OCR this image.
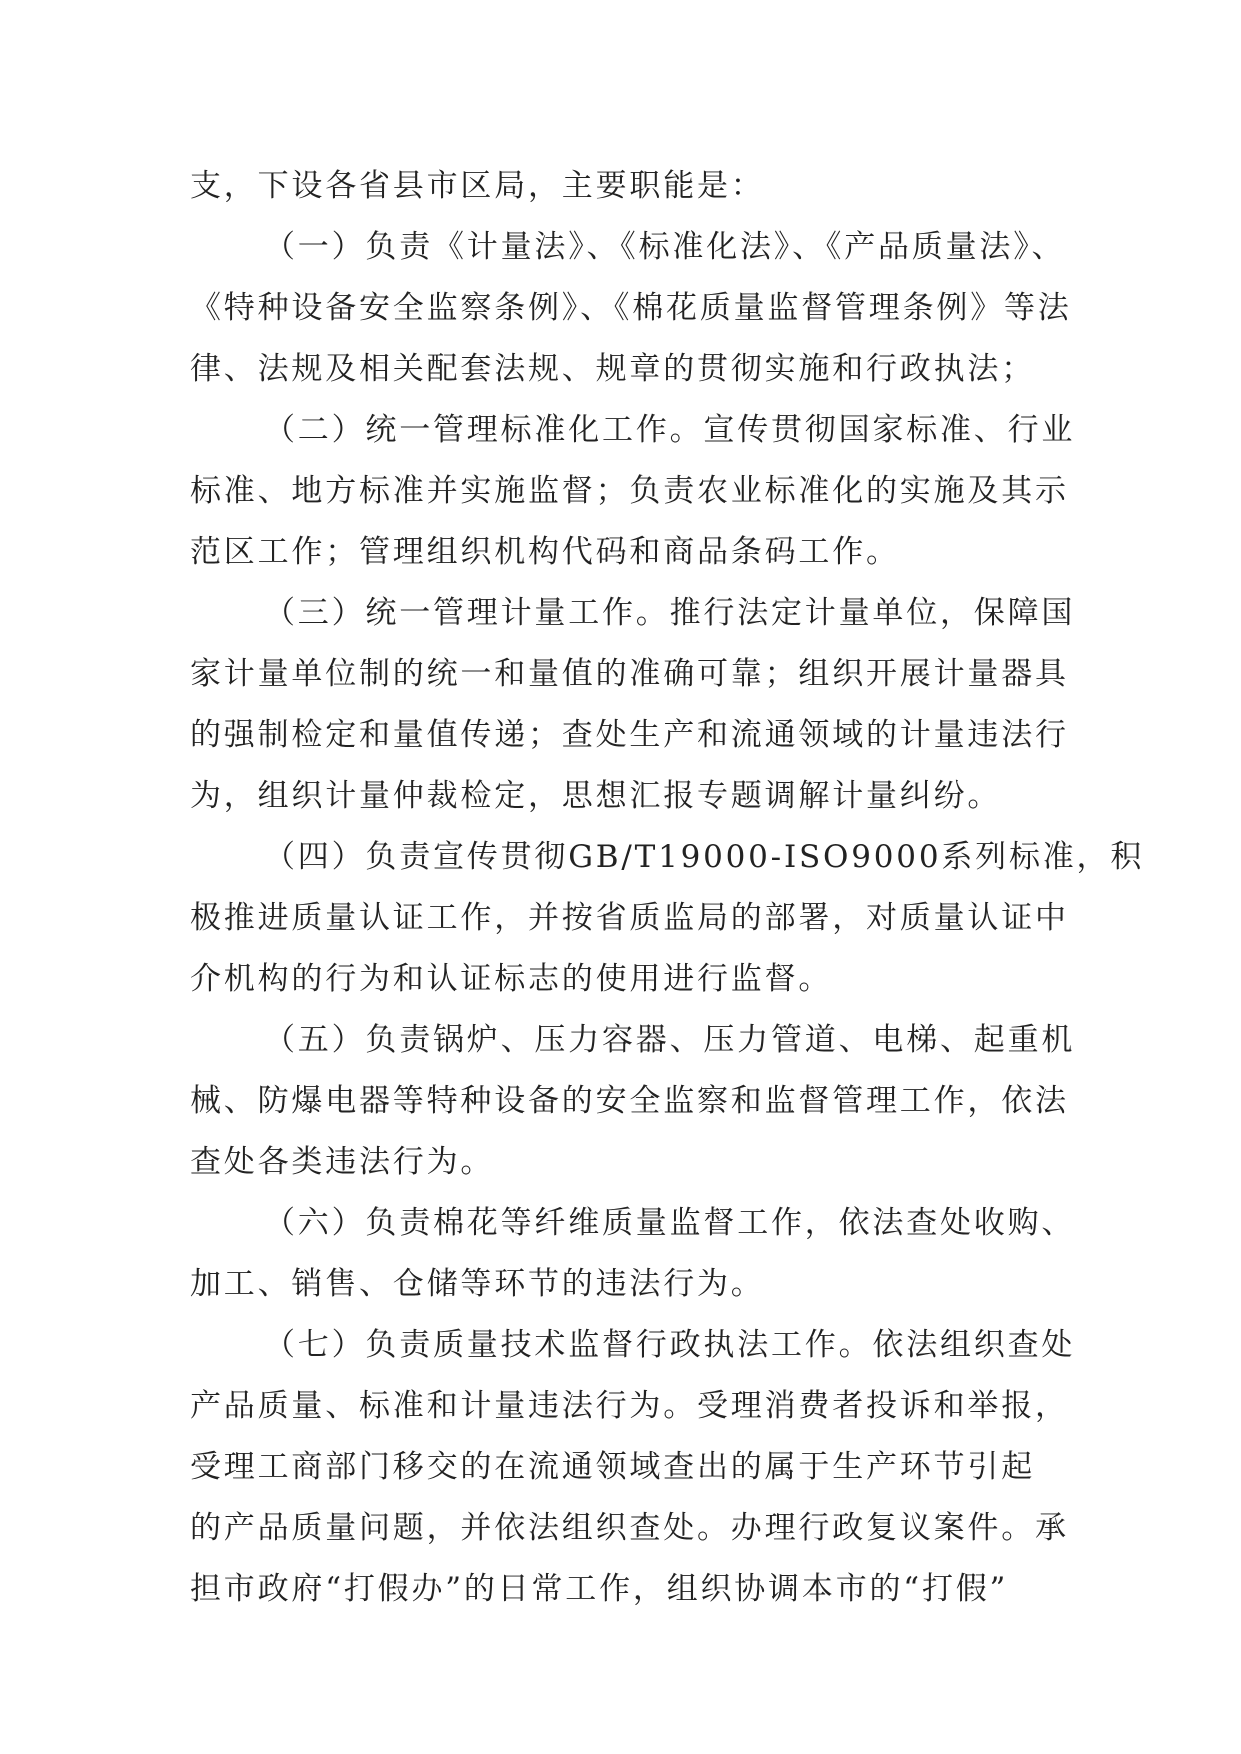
支，下设各省县市区局，主要职能是：
（一）负责《计量法》、《标准化法》、《产品质量法》、
《特种设备安全监察条例》、《棉花质量监督管理条例》等法
律、法规及相关配套法规、规章的贯彻实施和行政执法；
（二）统一管理标准化工作。宣传贯彻国家标准、行业
标准、地方标准并实施监督；负责农业标准化的实施及其示
范区工作；管理组织机构代码和商品条码工作。
（三）统一管理计量工作。推行法定计量单位，保障国
家计量单位制的统一和量值的准确可靠；组织开展计量器具
的强制检定和量值传递；查处生产和流通领域的计量违法行
为，组织计量仲裁检定，思想汇报专题调解计量纠纷。
（四）负责宣传贯彻GB/T19000-ISO9000系列标准，积
极推进质量认证工作，并按省质监局的部署，对质量认证中
介机构的行为和认证标志的使用进行监督。
（五）负责锅炉、压力容器、压力管道、电梯、起重机
械、防爆电器等特种设备的安全监察和监督管理工作，依法
查处各类违法行为。
（六）负责棉花等纤维质量监督工作，依法查处收购、
加工、销售、仓储等环节的违法行为。
（七）负责质量技术监督行政执法工作。依法组织查处
产品质量、标准和计量违法行为。受理消费者投诉和举报，
受理工商部门移交的在流通领域查出的属于生产环节引起
的产品质量问题，并依法组织查处。办理行政复议案件。承
担市政府“打假办”的日常工作，组织协调本市的“打假”
